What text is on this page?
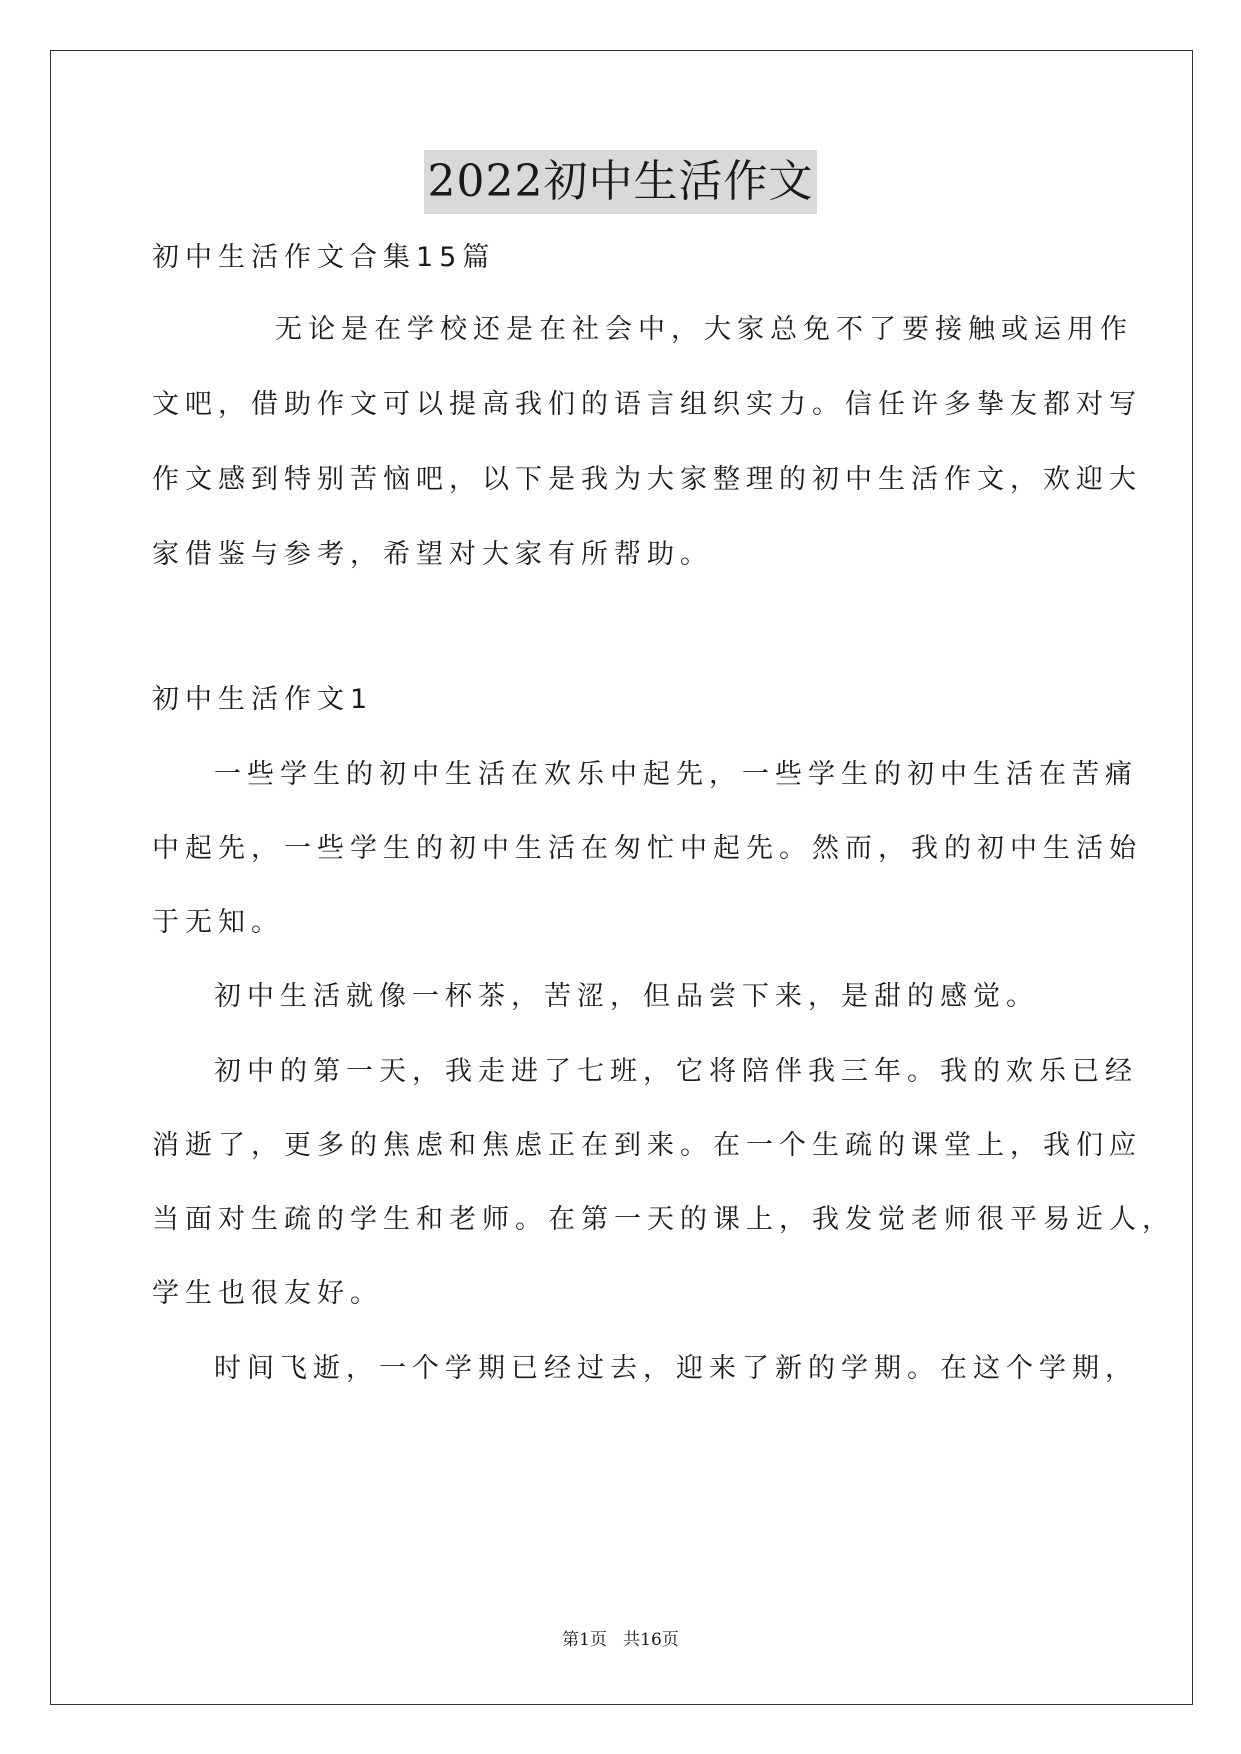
2022初中生活作文
初中生活作文合集15篇
无论是在学校还是在社会中，大家总免不了要接触或运用作
文吧，借助作文可以提高我们的语言组织实力。信任许多挚友都对写
作文感到特别苦恼吧，以下是我为大家整理的初中生活作文，欢迎大
家借鉴与参考，希望对大家有所帮助。
初中生活作文1
一些学生的初中生活在欢乐中起先，一些学生的初中生活在苦痛
中起先，一些学生的初中生活在匆忙中起先。然而，我的初中生活始
于无知。
初中生活就像一杯茶，苦涩，但品尝下来，是甜的感觉。
初中的第一天，我走进了七班，它将陪伴我三年。我的欢乐已经
消逝了，更多的焦虑和焦虑正在到来。在一个生疏的课堂上，我们应
当面对生疏的学生和老师。在第一天的课上，我发觉老师很平易近人，
学生也很友好。
时间飞逝，一个学期已经过去，迎来了新的学期。在这个学期，
第1页   共16页
